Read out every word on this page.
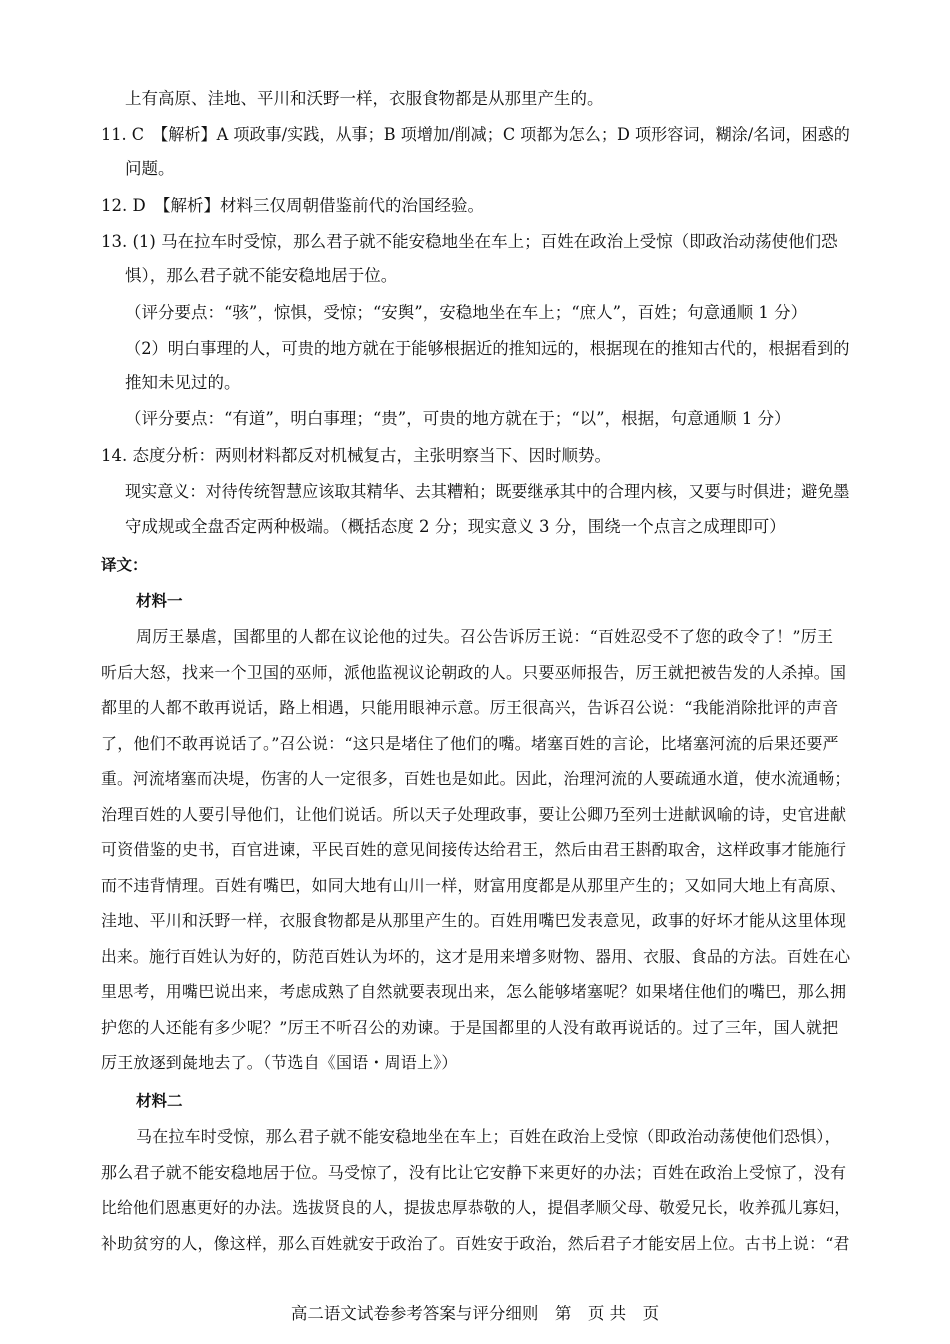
上有高原、洼地、平川和沃野一样，衣服食物都是从那里产生的。
11. C　【解析】A 项政事/实践，从事；B 项增加/削减；C 项都为怎么；D 项形容词，糊涂/名词，困惑的
问题。
12. D　【解析】材料三仅周朝借鉴前代的治国经验。
13. (1) 马在拉车时受惊，那么君子就不能安稳地坐在车上；百姓在政治上受惊（即政治动荡使他们恐
惧），那么君子就不能安稳地居于位。
（评分要点：“骇”，惊惧，受惊；“安舆”，安稳地坐在车上；“庶人”，百姓；句意通顺 1 分）
（2）明白事理的人，可贵的地方就在于能够根据近的推知远的，根据现在的推知古代的，根据看到的
推知未见过的。
（评分要点：“有道”，明白事理；“贵”，可贵的地方就在于；“以”，根据，句意通顺 1 分）
14. 态度分析：两则材料都反对机械复古，主张明察当下、因时顺势。
现实意义：对待传统智慧应该取其精华、去其糟粕；既要继承其中的合理内核，又要与时俱进；避免墨
守成规或全盘否定两种极端。（概括态度 2 分；现实意义 3 分，围绕一个点言之成理即可）
译文：
材料一
周厉王暴虐，国都里的人都在议论他的过失。召公告诉厉王说：“百姓忍受不了您的政令了！”厉王
听后大怒，找来一个卫国的巫师，派他监视议论朝政的人。只要巫师报告，厉王就把被告发的人杀掉。国
都里的人都不敢再说话，路上相遇，只能用眼神示意。厉王很高兴，告诉召公说：“我能消除批评的声音
了，他们不敢再说话了。”召公说：“这只是堵住了他们的嘴。堵塞百姓的言论，比堵塞河流的后果还要严
重。河流堵塞而决堤，伤害的人一定很多，百姓也是如此。因此，治理河流的人要疏通水道，使水流通畅；
治理百姓的人要引导他们，让他们说话。所以天子处理政事，要让公卿乃至列士进献讽喻的诗，史官进献
可资借鉴的史书，百官进谏，平民百姓的意见间接传达给君王，然后由君王斟酌取舍，这样政事才能施行
而不违背情理。百姓有嘴巴，如同大地有山川一样，财富用度都是从那里产生的；又如同大地上有高原、
洼地、平川和沃野一样，衣服食物都是从那里产生的。百姓用嘴巴发表意见，政事的好坏才能从这里体现
出来。施行百姓认为好的，防范百姓认为坏的，这才是用来增多财物、器用、衣服、食品的方法。百姓在心
里思考，用嘴巴说出来，考虑成熟了自然就要表现出来，怎么能够堵塞呢？如果堵住他们的嘴巴，那么拥
护您的人还能有多少呢？”厉王不听召公的劝谏。于是国都里的人没有敢再说话的。过了三年，国人就把
厉王放逐到彘地去了。（节选自《国语・周语上》）
材料二
马在拉车时受惊，那么君子就不能安稳地坐在车上；百姓在政治上受惊（即政治动荡使他们恐惧），
那么君子就不能安稳地居于位。马受惊了，没有比让它安静下来更好的办法；百姓在政治上受惊了，没有
比给他们恩惠更好的办法。选拔贤良的人，提拔忠厚恭敬的人，提倡孝顺父母、敬爱兄长，收养孤儿寡妇，
补助贫穷的人，像这样，那么百姓就安于政治了。百姓安于政治，然后君子才能安居上位。古书上说：“君
高二语文试卷参考答案与评分细则　第　页 共　页
